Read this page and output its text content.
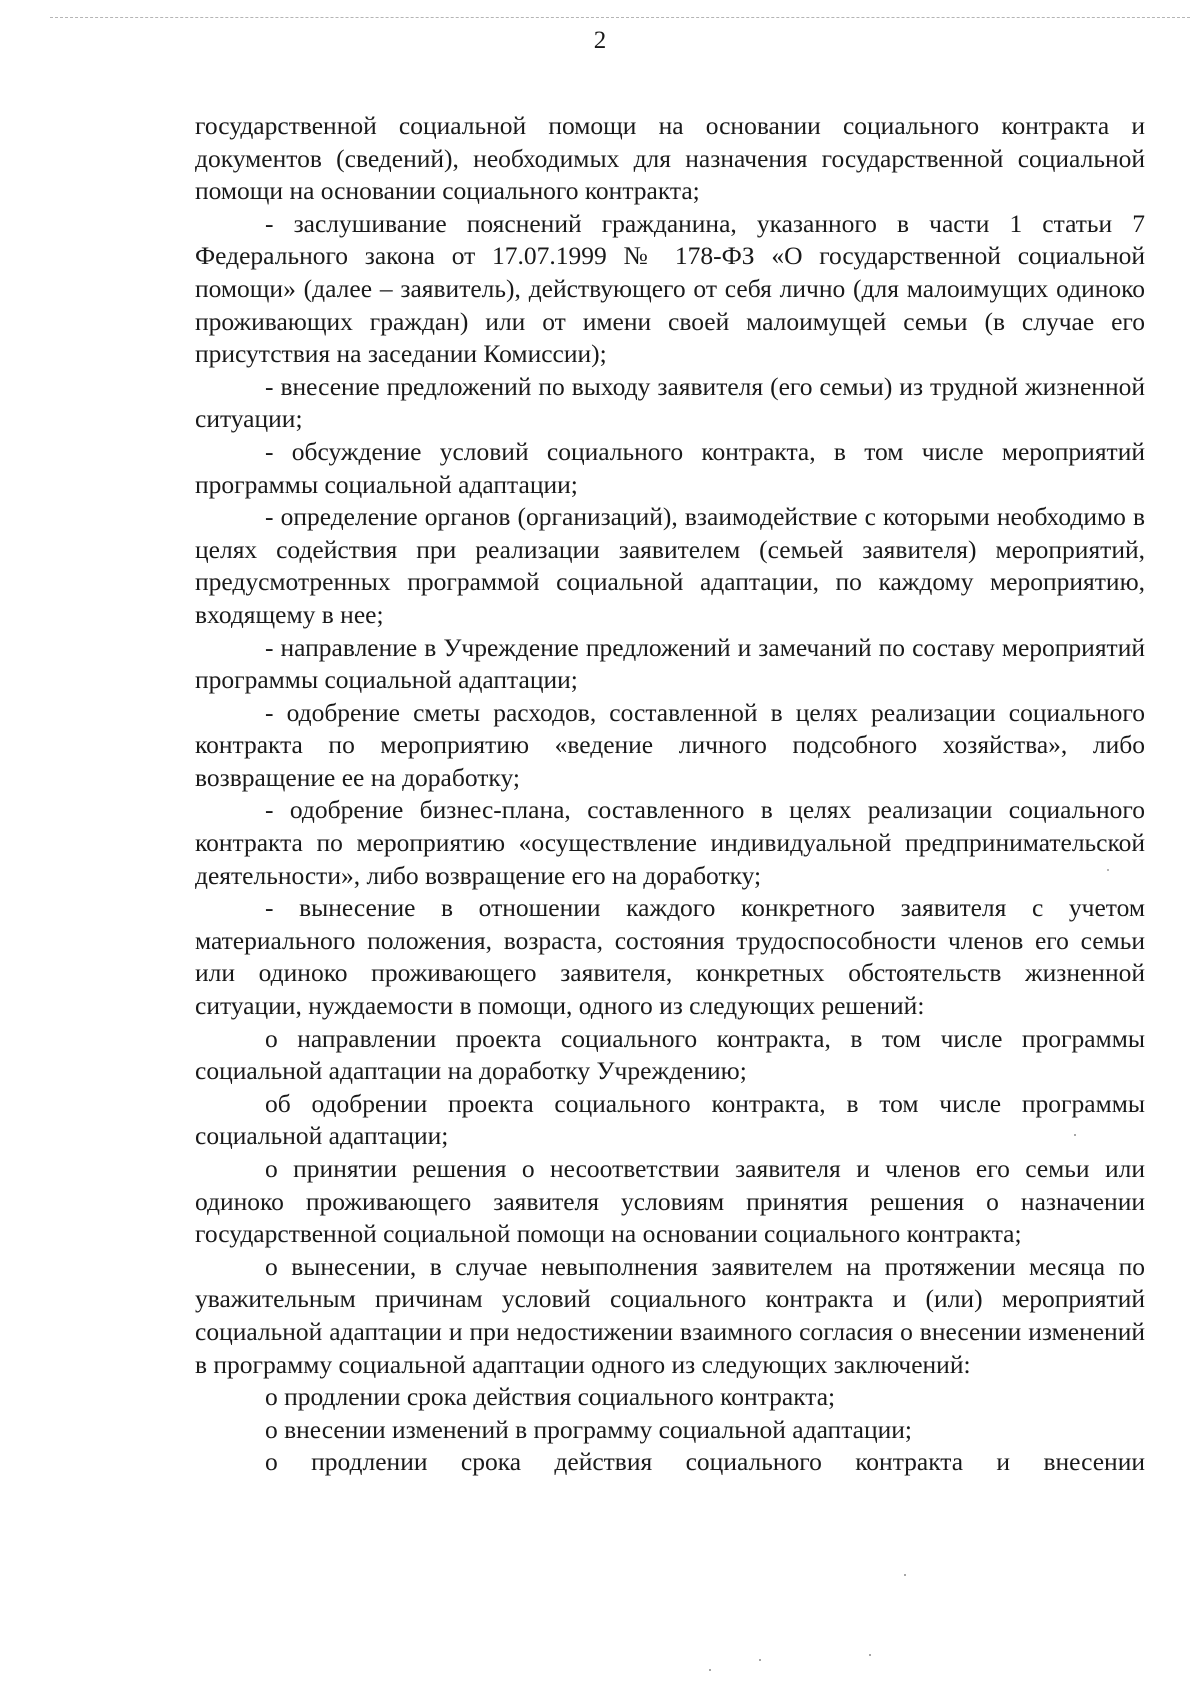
2

государственной социальной помощи на основании социального контракта и документов (сведений), необходимых для назначения государственной социальной помощи на основании социального контракта;

- заслушивание пояснений гражданина, указанного в части 1 статьи 7 Федерального закона от 17.07.1999 № 178-ФЗ «О государственной социальной помощи» (далее – заявитель), действующего от себя лично (для малоимущих одиноко проживающих граждан) или от имени своей малоимущей семьи (в случае его присутствия на заседании Комиссии);

- внесение предложений по выходу заявителя (его семьи) из трудной жизненной ситуации;

- обсуждение условий социального контракта, в том числе мероприятий программы социальной адаптации;

- определение органов (организаций), взаимодействие с которыми необходимо в целях содействия при реализации заявителем (семьей заявителя) мероприятий, предусмотренных программой социальной адаптации, по каждому мероприятию, входящему в нее;

- направление в Учреждение предложений и замечаний по составу мероприятий программы социальной адаптации;

- одобрение сметы расходов, составленной в целях реализации социального контракта по мероприятию «ведение личного подсобного хозяйства», либо возвращение ее на доработку;

- одобрение бизнес-плана, составленного в целях реализации социального контракта по мероприятию «осуществление индивидуальной предпринимательской деятельности», либо возвращение его на доработку;

- вынесение в отношении каждого конкретного заявителя с учетом материального положения, возраста, состояния трудоспособности членов его семьи или одиноко проживающего заявителя, конкретных обстоятельств жизненной ситуации, нуждаемости в помощи, одного из следующих решений:

о направлении проекта социального контракта, в том числе программы социальной адаптации на доработку Учреждению;

об одобрении проекта социального контракта, в том числе программы социальной адаптации;

о принятии решения о несоответствии заявителя и членов его семьи или одиноко проживающего заявителя условиям принятия решения о назначении государственной социальной помощи на основании социального контракта;

о вынесении, в случае невыполнения заявителем на протяжении месяца по уважительным причинам условий социального контракта и (или) мероприятий социальной адаптации и при недостижении взаимного согласия о внесении изменений в программу социальной адаптации одного из следующих заключений:

о продлении срока действия социального контракта;

о внесении изменений в программу социальной адаптации;

о продлении срока действия социального контракта и внесении
